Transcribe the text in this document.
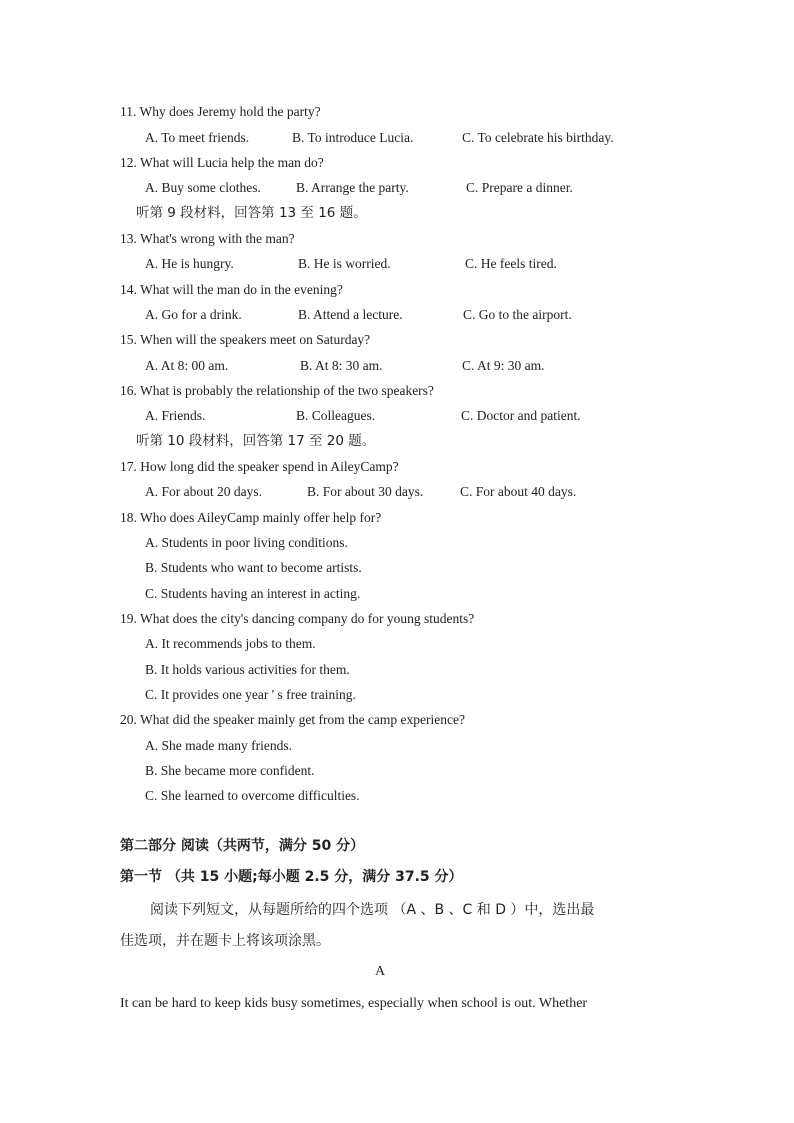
11. Why does Jeremy hold the party?
A. To meet friends.	B. To introduce Lucia.	C. To celebrate his birthday.
12. What will Lucia help the man do?
A. Buy some clothes.	B. Arrange the party.	C. Prepare a dinner.
听第 9 段材料，回答第 13 至 16 题。
13. What's wrong with the man?
A. He is hungry.	B. He is worried.	C. He feels tired.
14. What will the man do in the evening?
A. Go for a drink.	B. Attend a lecture.	C. Go to the airport.
15. When will the speakers meet on Saturday?
A. At 8: 00 am.	B. At 8: 30 am.	C. At 9: 30 am.
16. What is probably the relationship of the two speakers?
A. Friends.	B. Colleagues.	C. Doctor and patient.
听第 10 段材料，回答第 17 至 20 题。
17. How long did the speaker spend in AileyCamp?
A. For about 20 days.	B. For about 30 days.	C. For about 40 days.
18. Who does AileyCamp mainly offer help for?
A. Students in poor living conditions.
B. Students who want to become artists.
C. Students having an interest in acting.
19. What does the city's dancing company do for young students?
A. It recommends jobs to them.
B. It holds various activities for them.
C. It provides one year ' s free training.
20. What did the speaker mainly get from the camp experience?
A. She made many friends.
B. She became more confident.
C. She learned to overcome difficulties.
第二部分 阅读（共两节，满分 50 分）
第一节 （共 15 小题;每小题 2.5 分，满分 37.5 分）
阅读下列短文，从每题所给的四个选项 （A 、B 、C 和 D ）中，选出最
佳选项，并在题卡上将该项涂黑。
A
It can be hard to keep kids busy sometimes, especially when school is out. Whether
